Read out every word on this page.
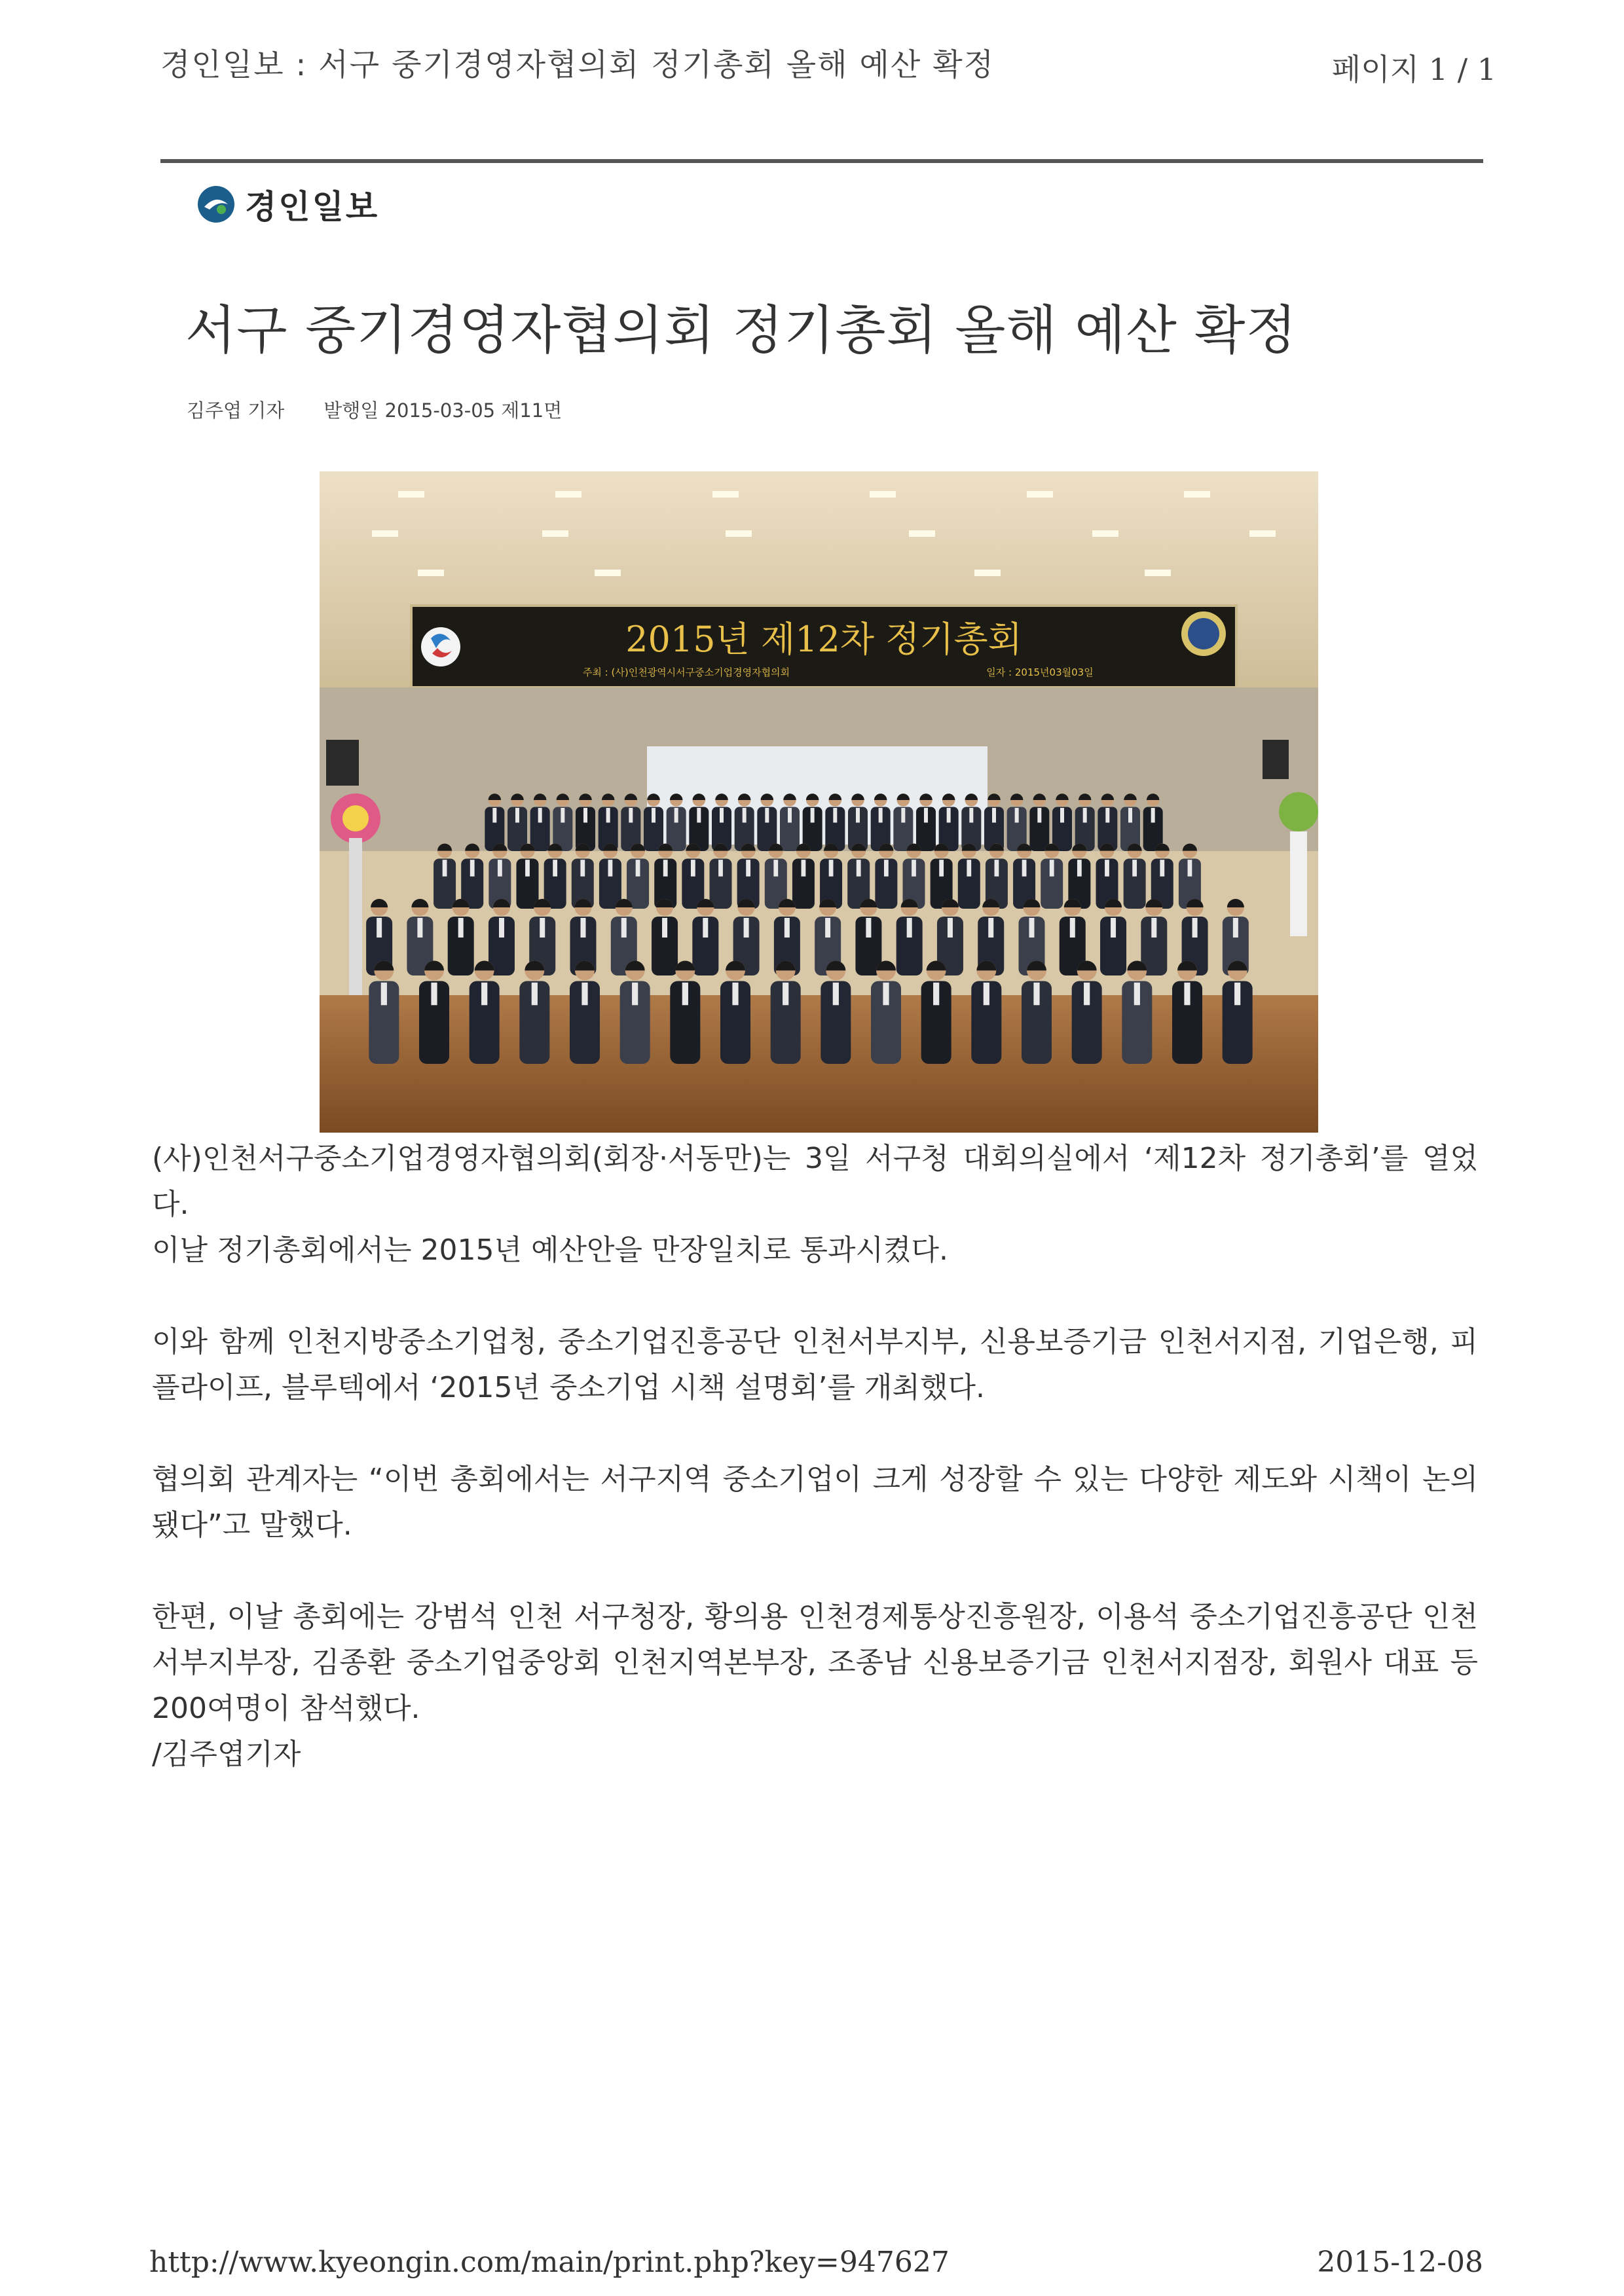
경인일보 : 서구 중기경영자협의회 정기총회 올해 예산 확정	페이지 1 / 1
경인일보
서구 중기경영자협의회 정기총회 올해 예산 확정
김주엽 기자 발행일 2015-03-05 제11면
2015년 제12차 정기총회
주최 : (사)인천광역시서구중소기업경영자협의회	일자 : 2015년03월03일

(사)인천서구중소기업경영자협의회(회장·서동만)는 3일 서구청 대회의실에서 ‘제12차 정기총회’를 열었다.

이날 정기총회에서는 2015년 예산안을 만장일치로 통과시켰다.

이와 함께 인천지방중소기업청, 중소기업진흥공단 인천서부지부, 신용보증기금 인천서지점, 기업은행, 피플라이프, 블루텍에서 ‘2015년 중소기업 시책 설명회’를 개최했다.

협의회 관계자는 “이번 총회에서는 서구지역 중소기업이 크게 성장할 수 있는 다양한 제도와 시책이 논의됐다”고 말했다.

한편, 이날 총회에는 강범석 인천 서구청장, 황의용 인천경제통상진흥원장, 이용석 중소기업진흥공단 인천서부지부장, 김종환 중소기업중앙회 인천지역본부장, 조종남 신용보증기금 인천서지점장, 회원사 대표 등 200여명이 참석했다.

/김주엽기자

http://www.kyeongin.com/main/print.php?key=947627	2015-12-08
